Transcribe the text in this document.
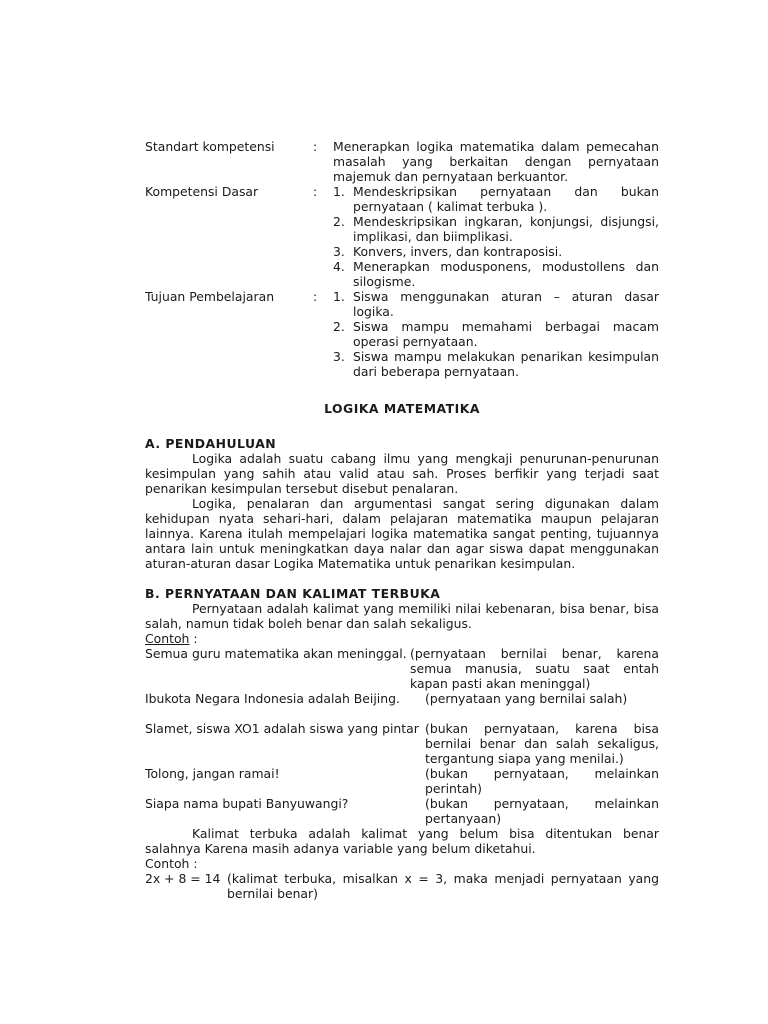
Standart kompetensi	:	Menerapkan logika matematika dalam pemecahan masalah yang berkaitan dengan pernyataan majemuk dan pernyataan berkuantor.
Kompetensi Dasar	:	1. Mendeskripsikan pernyataan dan bukan pernyataan ( kalimat terbuka ).
2. Mendeskripsikan ingkaran, konjungsi, disjungsi, implikasi, dan biimplikasi.
3. Konvers, invers, dan kontraposisi.
4. Menerapkan modusponens, modustollens dan silogisme.
Tujuan Pembelajaran	:	1. Siswa menggunakan aturan – aturan dasar logika.
2. Siswa mampu memahami berbagai macam operasi pernyataan.
3. Siswa mampu melakukan penarikan kesimpulan dari beberapa pernyataan.
LOGIKA MATEMATIKA
A. PENDAHULUAN
Logika adalah suatu cabang ilmu yang mengkaji penurunan-penurunan kesimpulan yang sahih atau valid atau sah. Proses berfikir yang terjadi saat penarikan kesimpulan tersebut disebut penalaran.
Logika, penalaran dan argumentasi sangat sering digunakan dalam kehidupan nyata sehari-hari, dalam pelajaran matematika maupun pelajaran lainnya. Karena itulah mempelajari logika matematika sangat penting, tujuannya antara lain untuk meningkatkan daya nalar dan agar siswa dapat menggunakan aturan-aturan dasar Logika Matematika untuk penarikan kesimpulan.
B. PERNYATAAN DAN KALIMAT TERBUKA
Pernyataan adalah kalimat yang memiliki nilai kebenaran, bisa benar, bisa salah, namun tidak boleh benar dan salah sekaligus.
Contoh :
Semua guru matematika akan meninggal. (pernyataan bernilai benar, karena semua manusia, suatu saat entah kapan pasti akan meninggal)
Ibukota Negara Indonesia adalah Beijing.	(pernyataan yang bernilai salah)
Slamet, siswa XO1 adalah siswa yang pintar (bukan pernyataan, karena bisa bernilai benar dan salah sekaligus, tergantung siapa yang menilai.)
Tolong, jangan ramai!	(bukan pernyataan, melainkan perintah)
Siapa nama bupati Banyuwangi?	(bukan pernyataan, melainkan pertanyaan)
Kalimat terbuka adalah kalimat yang belum bisa ditentukan benar salahnya Karena masih adanya variable yang belum diketahui.
Contoh :
2x + 8 = 14 (kalimat terbuka, misalkan x = 3, maka menjadi pernyataan yang bernilai benar)
